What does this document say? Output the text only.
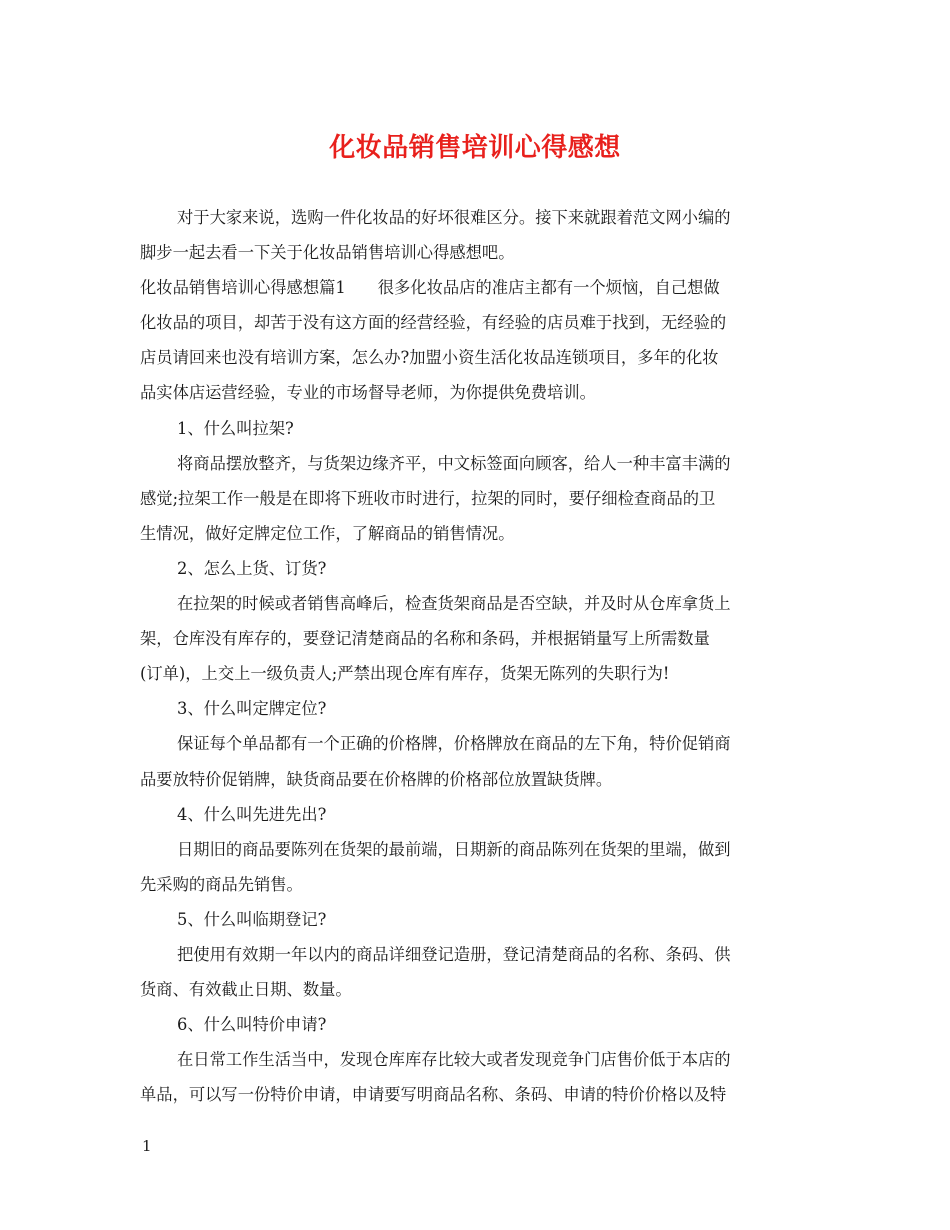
化妆品销售培训心得感想
对于大家来说，选购一件化妆品的好坏很难区分。接下来就跟着范文网小编的
脚步一起去看一下关于化妆品销售培训心得感想吧。
化妆品销售培训心得感想篇1 很多化妆品店的准店主都有一个烦恼，自己想做
化妆品的项目，却苦于没有这方面的经营经验，有经验的店员难于找到，无经验的
店员请回来也没有培训方案，怎么办?加盟小资生活化妆品连锁项目，多年的化妆
品实体店运营经验，专业的市场督导老师，为你提供免费培训。
1、什么叫拉架?
将商品摆放整齐，与货架边缘齐平，中文标签面向顾客，给人一种丰富丰满的
感觉;拉架工作一般是在即将下班收市时进行，拉架的同时，要仔细检查商品的卫
生情况，做好定牌定位工作，了解商品的销售情况。
2、怎么上货、订货?
在拉架的时候或者销售高峰后，检查货架商品是否空缺，并及时从仓库拿货上
架，仓库没有库存的，要登记清楚商品的名称和条码，并根据销量写上所需数量
(订单)，上交上一级负责人;严禁出现仓库有库存，货架无陈列的失职行为!
3、什么叫定牌定位?
保证每个单品都有一个正确的价格牌，价格牌放在商品的左下角，特价促销商
品要放特价促销牌，缺货商品要在价格牌的价格部位放置缺货牌。
4、什么叫先进先出?
日期旧的商品要陈列在货架的最前端，日期新的商品陈列在货架的里端，做到
先采购的商品先销售。
5、什么叫临期登记?
把使用有效期一年以内的商品详细登记造册，登记清楚商品的名称、条码、供
货商、有效截止日期、数量。
6、什么叫特价申请?
在日常工作生活当中，发现仓库库存比较大或者发现竞争门店售价低于本店的
单品，可以写一份特价申请，申请要写明商品名称、条码、申请的特价价格以及特
1
